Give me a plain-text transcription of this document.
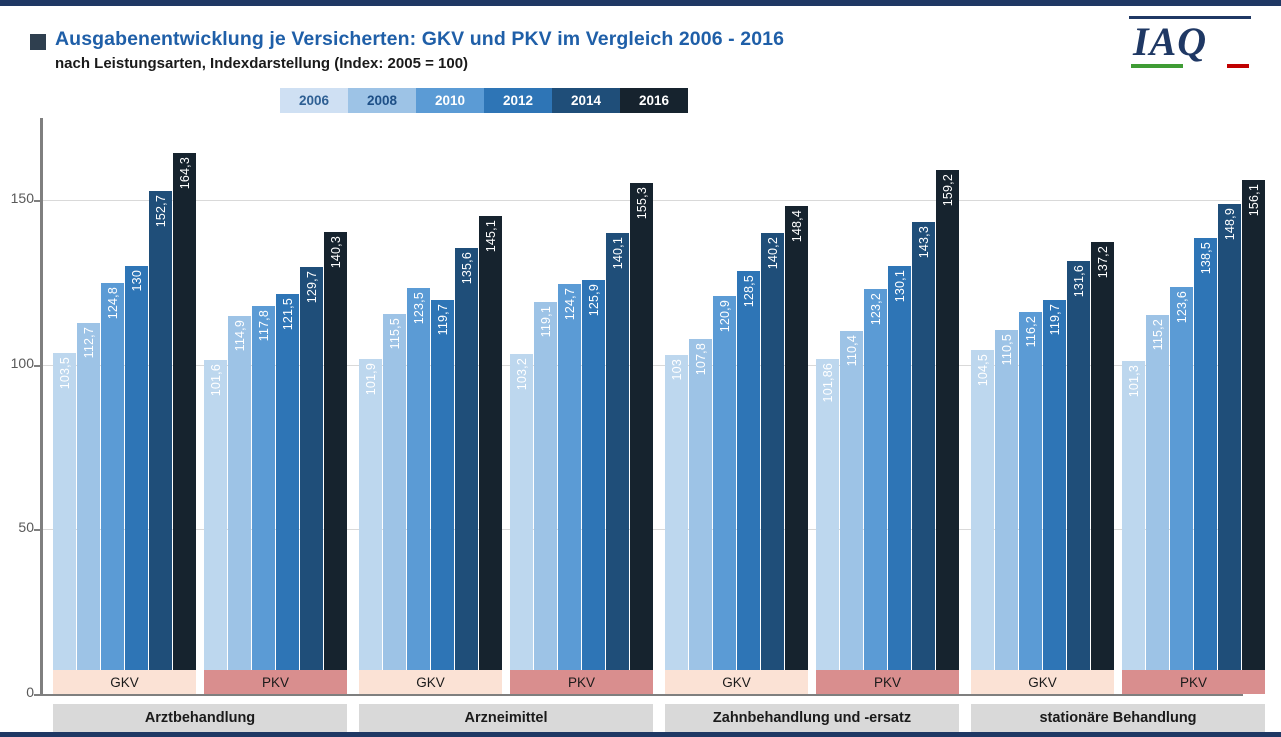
Ausgabenentwicklung je Versicherten: GKV und PKV im Vergleich 2006 - 2016
nach Leistungsarten, Indexdarstellung (Index: 2005 = 100)	IAQ
2006	2008	2010	2012	2014	2016
0
50
100
150
103,5
112,7
124,8
130
152,7
164,3
101,6
114,9 117,8 121,5
129,7
140,3
101,9
115,5
123,5 119,7
135,6
145,1
103,2
119,1
124,7 125,9
140,1
155,3
103 107,8
120,9
128,5
140,2
148,4
101,86
110,4
123,2
130,1
143,3
159,2
104,5
110,5
116,2 119,7
131,6
137,2
101,3
115,2
123,6
138,5
148,9
156,1
GKV	PKV	GKV	PKV	GKV	PKV	GKV	PKV
Arztbehandlung	Arzneimittel	Zahnbehandlung und -ersatz	stationäre Behandlung
